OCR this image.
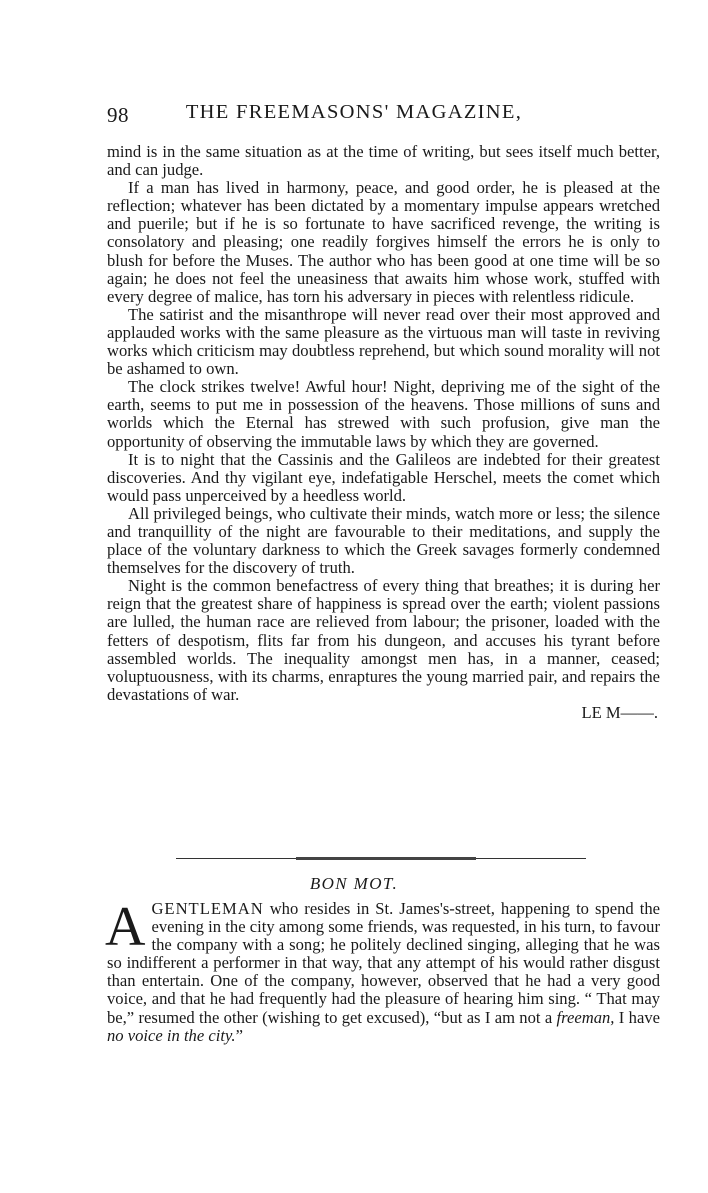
98	THE FREEMASONS' MAGAZINE,

mind is in the same situation as at the time of writing, but sees itself much better, and can judge.

If a man has lived in harmony, peace, and good order, he is pleased at the reflection; whatever has been dictated by a momentary impulse appears wretched and puerile; but if he is so fortunate to have sacrificed revenge, the writing is consolatory and pleasing; one readily forgives himself the errors he is only to blush for before the Muses. The author who has been good at one time will be so again; he does not feel the uneasiness that awaits him whose work, stuffed with every degree of malice, has torn his adversary in pieces with relentless ridicule.

The satirist and the misanthrope will never read over their most approved and applauded works with the same pleasure as the virtuous man will taste in reviving works which criticism may doubtless reprehend, but which sound morality will not be ashamed to own.

The clock strikes twelve! Awful hour! Night, depriving me of the sight of the earth, seems to put me in possession of the heavens. Those millions of suns and worlds which the Eternal has strewed with such profusion, give man the opportunity of observing the immutable laws by which they are governed.

It is to night that the Cassinis and the Galileos are indebted for their greatest discoveries. And thy vigilant eye, indefatigable Herschel, meets the comet which would pass unperceived by a heedless world.

All privileged beings, who cultivate their minds, watch more or less; the silence and tranquillity of the night are favourable to their meditations, and supply the place of the voluntary darkness to which the Greek savages formerly condemned themselves for the discovery of truth.

Night is the common benefactress of every thing that breathes; it is during her reign that the greatest share of happiness is spread over the earth; violent passions are lulled, the human race are relieved from labour; the prisoner, loaded with the fetters of despotism, flits far from his dungeon, and accuses his tyrant before assembled worlds. The inequality amongst men has, in a manner, ceased; voluptuousness, with its charms, enraptures the young married pair, and repairs the devastations of war.

LE M——.
BON MOT.

AGENTLEMAN who resides in St. James's-street, happening to spend the evening in the city among some friends, was requested, in his turn, to favour the company with a song; he politely declined singing, alleging that he was so indifferent a performer in that way, that any attempt of his would rather disgust than entertain. One of the company, however, observed that he had a very good voice, and that he had frequently had the pleasure of hearing him sing. “ That may be,” resumed the other (wishing to get excused), “but as I am not a freeman, I have no voice in the city.”
